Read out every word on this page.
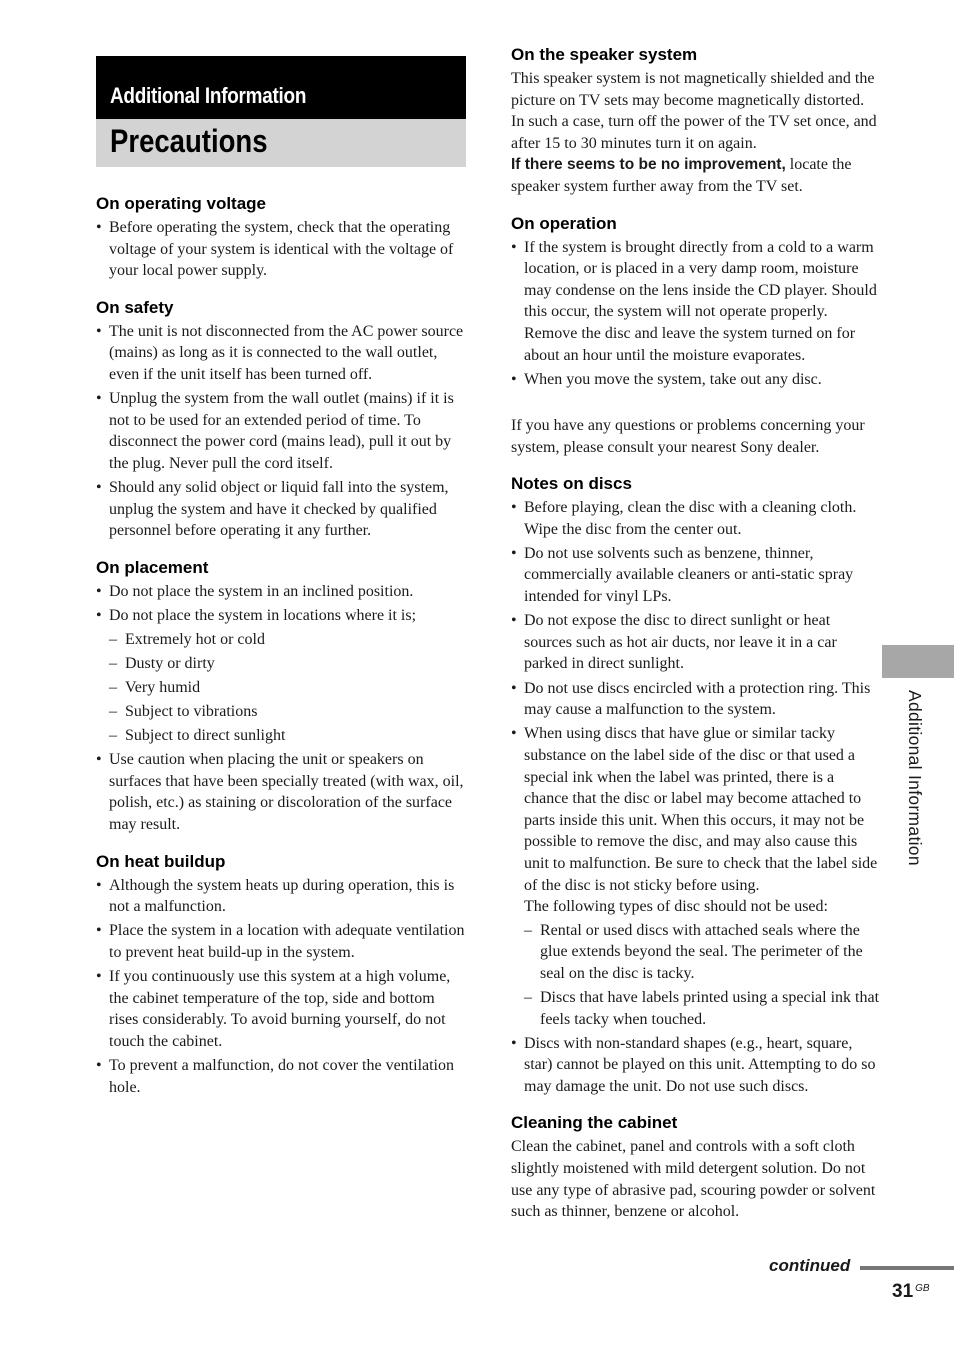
Additional Information
Precautions
On operating voltage
• Before operating the system, check that the operating voltage of your system is identical with the voltage of your local power supply.
On safety
• The unit is not disconnected from the AC power source (mains) as long as it is connected to the wall outlet, even if the unit itself has been turned off.
• Unplug the system from the wall outlet (mains) if it is not to be used for an extended period of time. To disconnect the power cord (mains lead), pull it out by the plug. Never pull the cord itself.
• Should any solid object or liquid fall into the system, unplug the system and have it checked by qualified personnel before operating it any further.
On placement
• Do not place the system in an inclined position.
• Do not place the system in locations where it is;
– Extremely hot or cold
– Dusty or dirty
– Very humid
– Subject to vibrations
– Subject to direct sunlight
• Use caution when placing the unit or speakers on surfaces that have been specially treated (with wax, oil, polish, etc.) as staining or discoloration of the surface may result.
On heat buildup
• Although the system heats up during operation, this is not a malfunction.
• Place the system in a location with adequate ventilation to prevent heat build-up in the system.
• If you continuously use this system at a high volume, the cabinet temperature of the top, side and bottom rises considerably. To avoid burning yourself, do not touch the cabinet.
• To prevent a malfunction, do not cover the ventilation hole.
On the speaker system

This speaker system is not magnetically shielded and the picture on TV sets may become magnetically distorted. In such a case, turn off the power of the TV set once, and after 15 to 30 minutes turn it on again.
If there seems to be no improvement, locate the speaker system further away from the TV set.

On operation
• If the system is brought directly from a cold to a warm location, or is placed in a very damp room, moisture may condense on the lens inside the CD player. Should this occur, the system will not operate properly. Remove the disc and leave the system turned on for about an hour until the moisture evaporates.
• When you move the system, take out any disc.

If you have any questions or problems concerning your system, please consult your nearest Sony dealer.

Notes on discs
• Before playing, clean the disc with a cleaning cloth. Wipe the disc from the center out.
• Do not use solvents such as benzene, thinner, commercially available cleaners or anti-static spray intended for vinyl LPs.
• Do not expose the disc to direct sunlight or heat sources such as hot air ducts, nor leave it in a car parked in direct sunlight.
• Do not use discs encircled with a protection ring. This may cause a malfunction to the system.
• When using discs that have glue or similar tacky substance on the label side of the disc or that used a special ink when the label was printed, there is a chance that the disc or label may become attached to parts inside this unit. When this occurs, it may not be possible to remove the disc, and may also cause this unit to malfunction. Be sure to check that the label side of the disc is not sticky before using.
The following types of disc should not be used:
– Rental or used discs with attached seals where the glue extends beyond the seal. The perimeter of the seal on the disc is tacky.
– Discs that have labels printed using a special ink that feels tacky when touched.
• Discs with non-standard shapes (e.g., heart, square, star) cannot be played on this unit. Attempting to do so may damage the unit. Do not use such discs.
Cleaning the cabinet

Clean the cabinet, panel and controls with a soft cloth slightly moistened with mild detergent solution. Do not use any type of abrasive pad, scouring powder or solvent such as thinner, benzene or alcohol.

Additional Information
continued
31 $^{GB}$
